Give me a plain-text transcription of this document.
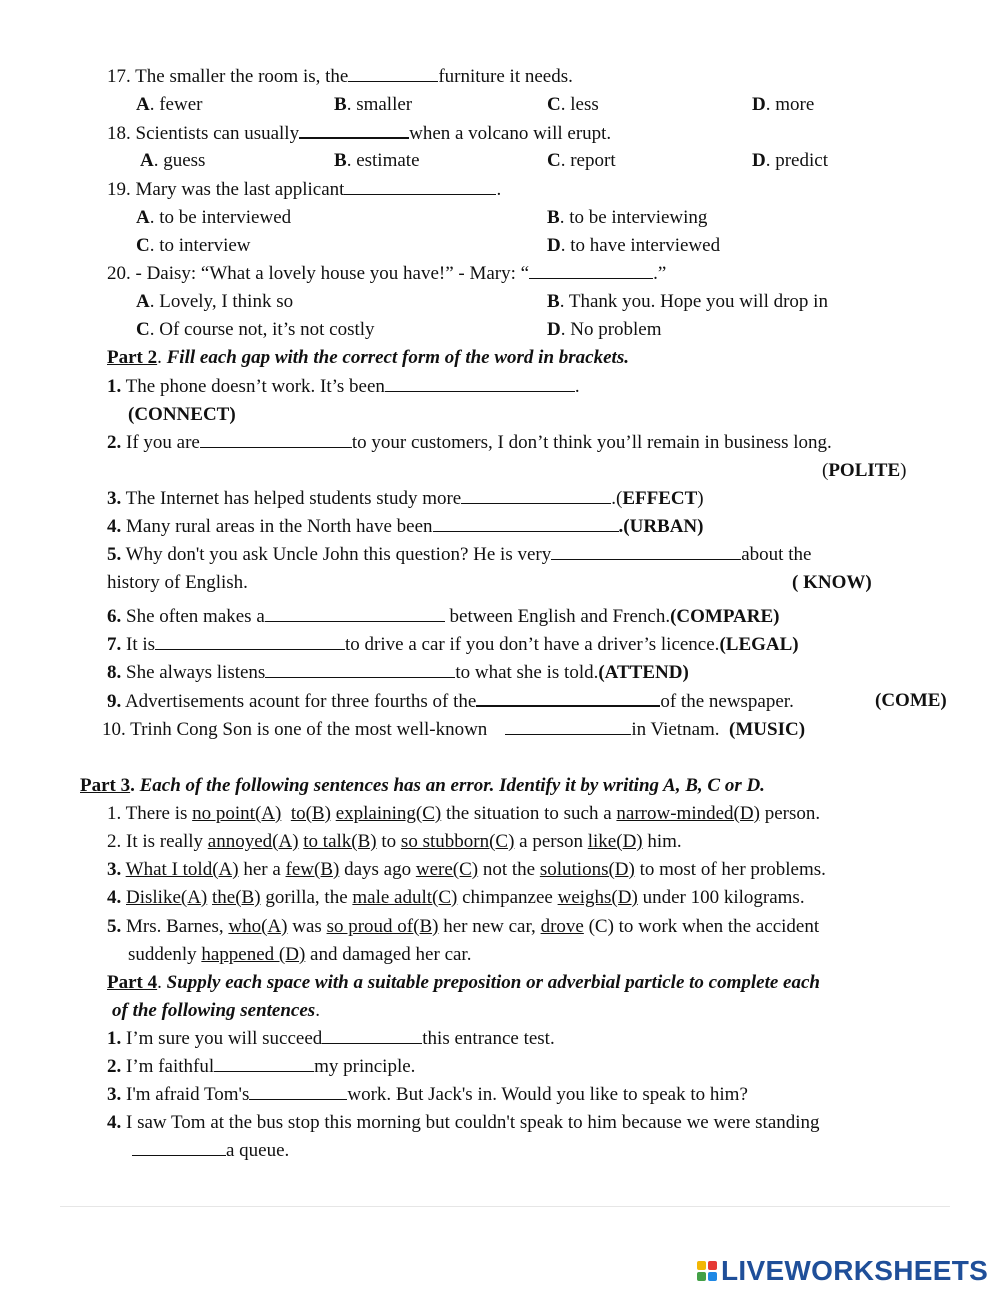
17. The smaller the room is, the	furniture it needs.
A. fewer	B. smaller	C. less	D. more
18. Scientists can usually	when a volcano will erupt.
A. guess	B. estimate	C. report	D. predict
19. Mary was the last applicant	.
A. to be interviewed	B. to be interviewing
C. to interview	D. to have interviewed
20. - Daisy: “What a lovely house you have!” - Mary: “	.”
A. Lovely, I think so	B. Thank you. Hope you will drop in
C. Of course not, it’s not costly	D. No problem
Part 2. Fill each gap with the correct form of the word in brackets.
1. The phone doesn’t work. It’s been	.
(CONNECT)
2. If you are	to your customers, I don’t think you’ll remain in business long.
(POLITE)
3. The Internet has helped students study more	.(EFFECT)
4. Many rural areas in the North have been	.(URBAN)
5. Why don't you ask Uncle John this question? He is very	about the
history of English.	( KNOW)
6. She often makes a	between English and French.(COMPARE)
7. It is	to drive a car if you don’t have a driver’s licence.(LEGAL)
8. She always listens	to what she is told.(ATTEND)
9. Advertisements acount for three fourths of the	of the newspaper.	(COME)
10. Trinh Cong Son is one of the most well-known	in Vietnam. (MUSIC)
Part 3. Each of the following sentences has an error. Identify it by writing A, B, C or D.
1. There is no point(A) to(B) explaining(C) the situation to such a narrow-minded(D) person.
2. It is really annoyed(A) to talk(B) to so stubborn(C) a person like(D) him.
3. What I told(A) her a few(B) days ago were(C) not the solutions(D) to most of her problems.
4. Dislike(A) the(B) gorilla, the male adult(C) chimpanzee weighs(D) under 100 kilograms.
5. Mrs. Barnes, who(A) was so proud of(B) her new car, drove (C) to work when the accident
suddenly happened (D) and damaged her car.
Part 4. Supply each space with a suitable preposition or adverbial particle to complete each
of the following sentences.
1. I’m sure you will succeed	this entrance test.
2. I’m faithful	my principle.
3. I'm afraid Tom's	work. But Jack's in. Would you like to speak to him?
4. I saw Tom at the bus stop this morning but couldn't speak to him because we were standing
a queue.
LIVEWORKSHEETS
